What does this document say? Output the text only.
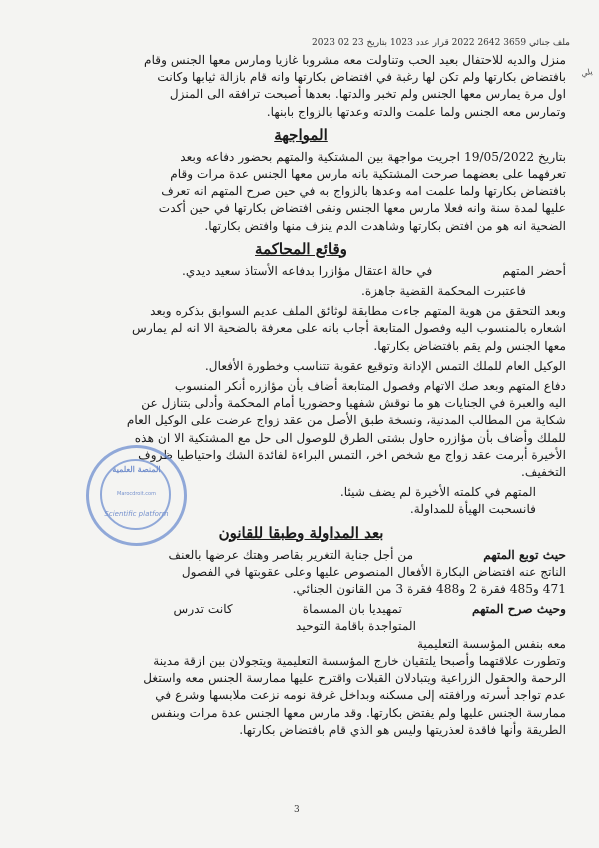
ملف جنائي 3659 2642 2022 قرار عدد 1023 بتاريخ 23 02 2023
يلي

منزل والديه للاحتفال بعيد الحب وتناولت معه مشروبا غازيا ومارس معها الجنس وقام
بافتضاض بكارتها ولم تكن لها رغبة في افتضاض بكارتها وانه قام بازالة ثيابها وكانت
اول مرة يمارس معها الجنس ولم تخبر والدتها. بعدها أصبحت ترافقه الى المنزل
وتمارس معه الجنس ولما علمت والدته وعدتها بالزواج بابنها.

المواجهة

بتاريخ 19/05/2022 اجريت مواجهة بين المشتكية والمتهم بحضور دفاعه وبعد
تعرفهما على بعضهما صرحت المشتكية بانه مارس معها الجنس عدة مرات وقام
بافتضاض بكارتها ولما علمت امه وعدها بالزواج به في حين صرح المتهم انه تعرف
عليها لمدة سنة وانه فعلا مارس معها الجنس ونفى افتضاض بكارتها في حين أكدت
الضحية انه هو من افتض بكارتها وشاهدت الدم ينزف منها وافتض بكارتها.

وقائع المحاكمة

أحضر المتهمفي حالة اعتقال مؤازرا بدفاعه الأستاذ سعيد ديدي.

فاعتبرت المحكمة القضية جاهزة.

وبعد التحقق من هوية المتهم جاءت مطابقة لوثائق الملف عديم السوابق بذكره وبعد
اشعاره بالمنسوب اليه وفصول المتابعة أجاب بانه على معرفة بالضحية الا انه لم يمارس
معها الجنس ولم يقم بافتضاض بكارتها.

الوكيل العام للملك التمس الإدانة وتوقيع عقوبة تتناسب وخطورة الأفعال.

دفاع المتهم وبعد صك الاتهام وفصول المتابعة أضاف بأن مؤازره أنكر المنسوب
اليه والعبرة في الجنايات هو ما نوقش شفهيا وحضوريا أمام المحكمة وأدلى بتنازل عن
شكاية من المطالب المدنية، ونسخة طبق الأصل من عقد زواج عرضت على الوكيل العام
للملك وأضاف بأن مؤازره حاول بشتى الطرق للوصول الى حل مع المشتكية الا ان هذه
الأخيرة أبرمت عقد زواج مع شخص اخر، التمس البراءة لفائدة الشك واحتياطيا ظروف
التخفيف.

المتهم في كلمته الأخيرة لم يضف شيئا.

فانسحبت الهيأة للمداولة.

بعد المداولة وطبقا للقانون

حيث توبع المتهممن أجل جناية التغرير بقاصر وهتك عرضها بالعنف
الناتج عنه افتضاض البكارة الأفعال المنصوص عليها وعلى عقوبتها في الفصول
471 و485 فقرة 2 و488 فقرة 3 من القانون الجنائي.

وحيث صرح المتهمتمهيديا بان المسماةكانت تدرس
المتواجدة باقامة التوحيد
معه بنفس المؤسسة التعليمية
وتطورت علاقتهما وأصبحا يلتقيان خارج المؤسسة التعليمية ويتجولان بين ازقة مدينة
الرحمة والحقول الزراعية ويتبادلان القبلات واقترح عليها ممارسة الجنس معه واستغل
عدم تواجد أسرته ورافقته إلى مسكنه وبداخل غرفة نومه نزعت ملابسها وشرع في
ممارسة الجنس عليها ولم يفتض بكارتها. وقد مارس معها الجنس عدة مرات وبنفس
الطريقة وأنها فاقدة لعذريتها وليس هو الذي قام بافتضاض بكارتها.

المنصة العلمية
Marocdroit.com
Scientific platform
3
